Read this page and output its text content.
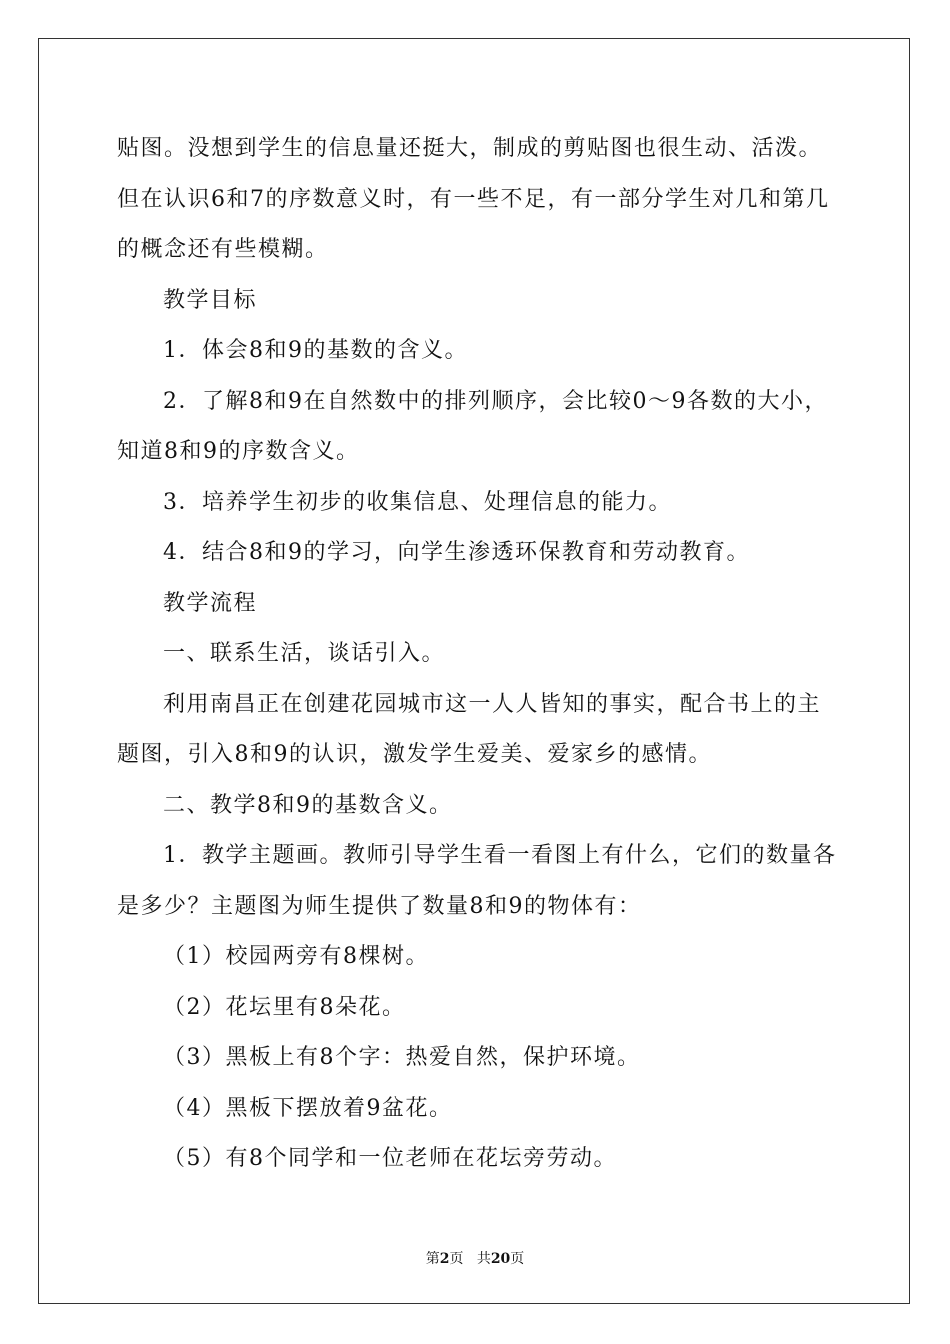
贴图。没想到学生的信息量还挺大，制成的剪贴图也很生动、活泼。但在认识6和7的序数意义时，有一些不足，有一部分学生对几和第几的概念还有些模糊。

教学目标

1．体会8和9的基数的含义。

2．了解8和9在自然数中的排列顺序，会比较0～9各数的大小，知道8和9的序数含义。

3．培养学生初步的收集信息、处理信息的能力。

4．结合8和9的学习，向学生渗透环保教育和劳动教育。

教学流程

一、联系生活，谈话引入。

利用南昌正在创建花园城市这一人人皆知的事实，配合书上的主题图，引入8和9的认识，激发学生爱美、爱家乡的感情。

二、教学8和9的基数含义。

1．教学主题画。教师引导学生看一看图上有什么，它们的数量各是多少？主题图为师生提供了数量8和9的物体有：

（1）校园两旁有8棵树。

（2）花坛里有8朵花。

（3）黑板上有8个字：热爱自然，保护环境。

（4）黑板下摆放着9盆花。

（5）有8个同学和一位老师在花坛旁劳动。

第2页 共20页
